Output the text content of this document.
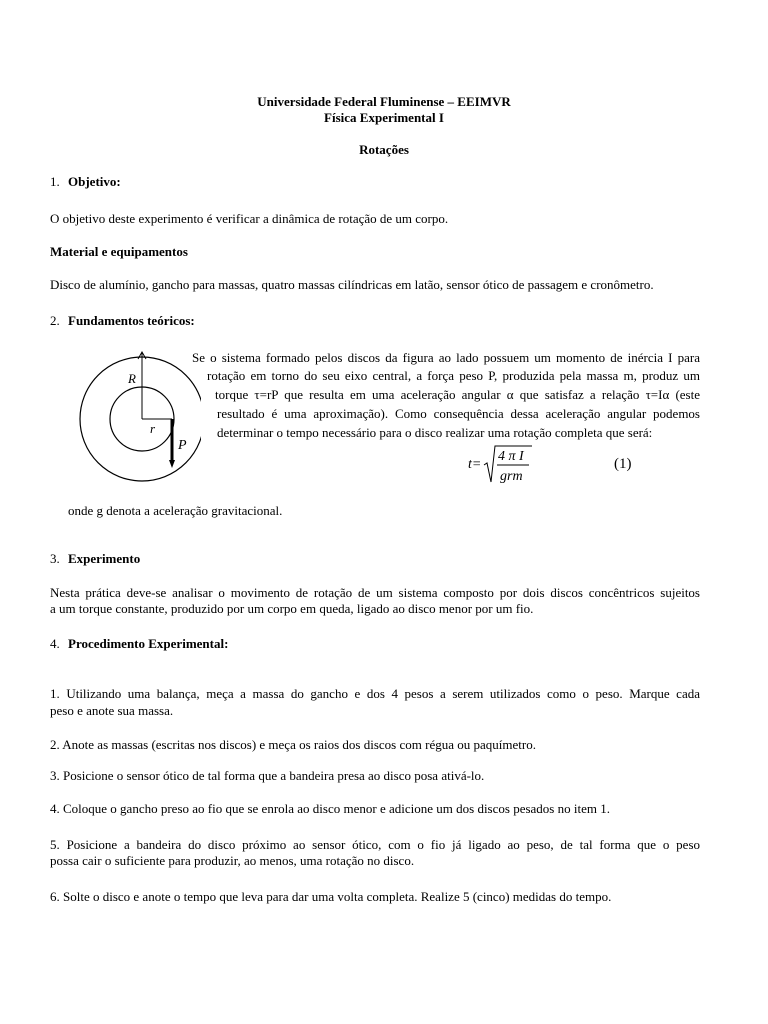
Universidade Federal Fluminense – EEIMVR
Física Experimental I
Rotações
1. Objetivo:
O objetivo deste experimento é verificar a dinâmica de rotação de um corpo.
Material e equipamentos
Disco de alumínio, gancho para massas, quatro massas cilíndricas em latão, sensor ótico de passagem e cronômetro.
2. Fundamentos teóricos:
R
r
P
Se o sistema formado pelos discos da figura ao lado possuem um momento de inércia I para
rotação em torno do seu eixo central, a força peso P, produzida pela massa m, produz um
torque τ=rP que resulta em uma aceleração angular α que satisfaz a relação τ=Iα (este
resultado é uma aproximação). Como consequência dessa aceleração angular podemos
determinar o tempo necessário para o disco realizar uma rotação completa que será:
t=
4 π I
grm
(1)
onde g denota a aceleração gravitacional.
3. Experimento
Nesta prática deve-se analisar o movimento de rotação de um sistema composto por dois discos concêntricos sujeitos
a um torque constante, produzido por um corpo em queda, ligado ao disco menor por um fio.
4. Procedimento Experimental:
1. Utilizando uma balança, meça a massa do gancho e dos 4 pesos a serem utilizados como o peso. Marque cada
peso e anote sua massa.
2. Anote as massas (escritas nos discos) e meça os raios dos discos com régua ou paquímetro.
3. Posicione o sensor ótico de tal forma que a bandeira presa ao disco posa ativá-lo.
4. Coloque o gancho preso ao fio que se enrola ao disco menor e adicione um dos discos pesados no item 1.
5. Posicione a bandeira do disco próximo ao sensor ótico, com o fio já ligado ao peso, de tal forma que o peso
possa cair o suficiente para produzir, ao menos, uma rotação no disco.
6. Solte o disco e anote o tempo que leva para dar uma volta completa. Realize 5 (cinco) medidas do tempo.
